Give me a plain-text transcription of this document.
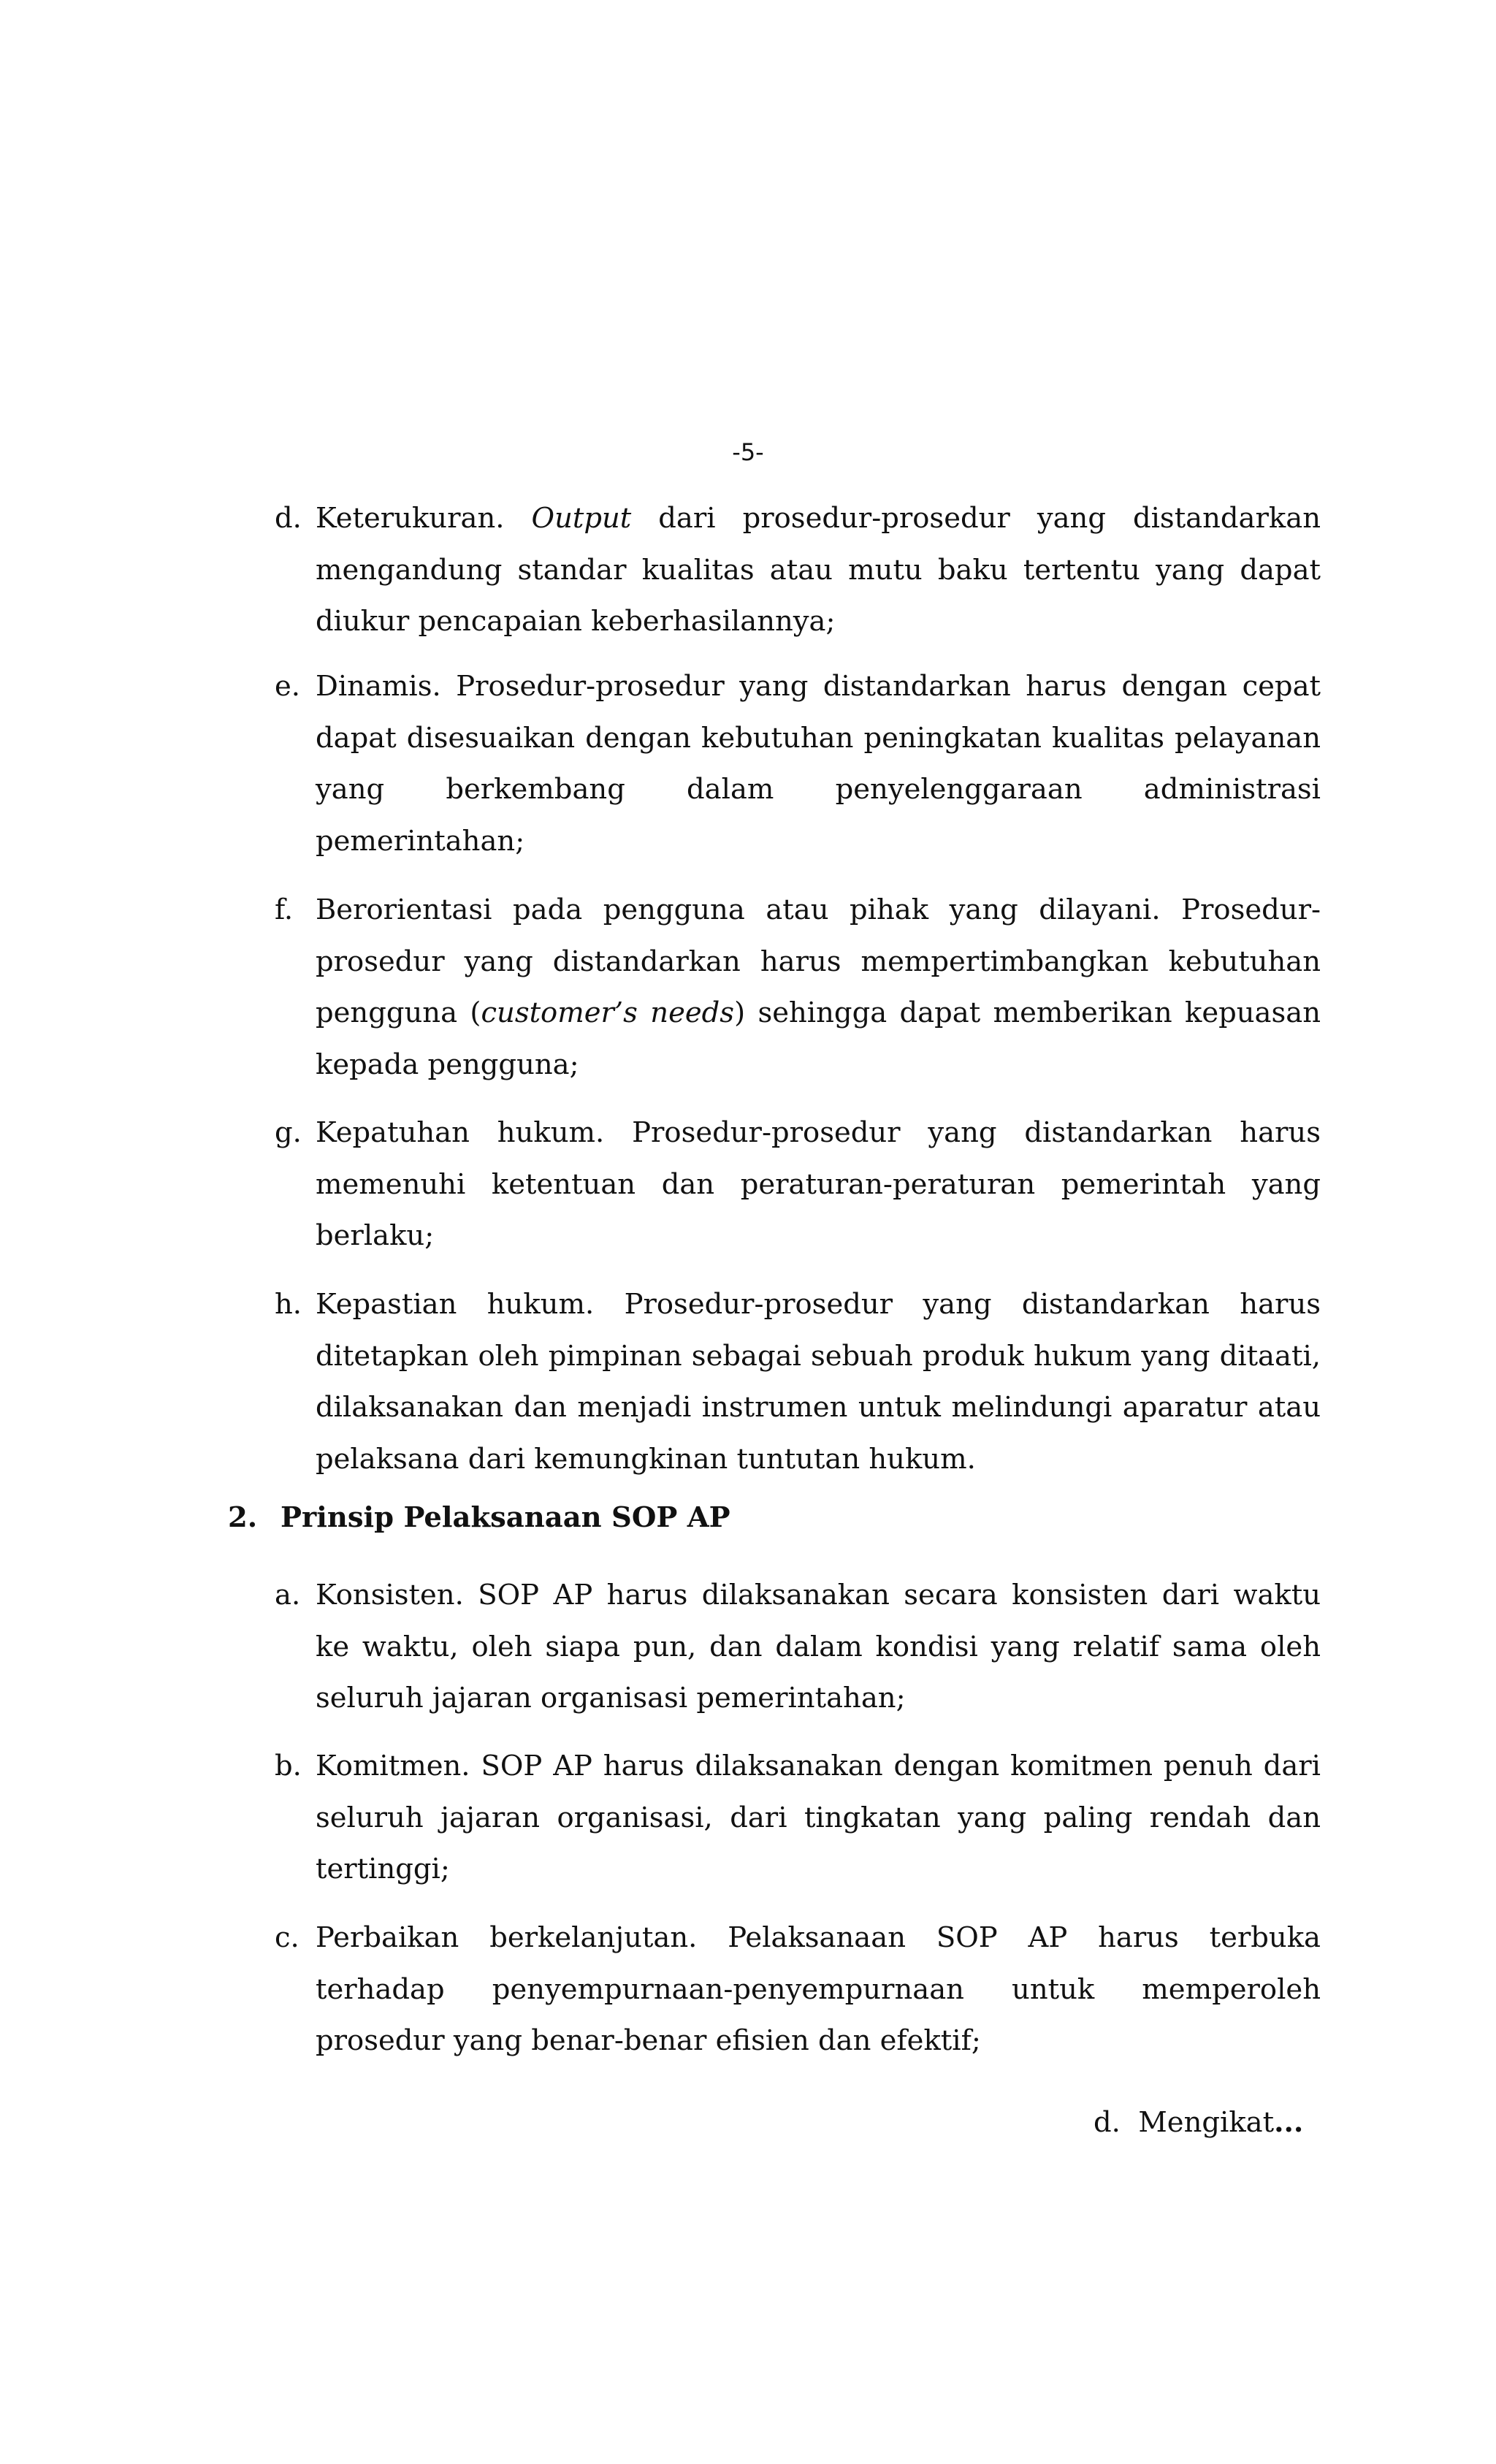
-5-
d. Keterukuran. Output dari prosedur-prosedur yang distandarkan mengandung standar kualitas atau mutu baku tertentu yang dapat diukur pencapaian keberhasilannya;
e. Dinamis. Prosedur-prosedur yang distandarkan harus dengan cepat dapat disesuaikan dengan kebutuhan peningkatan kualitas pelayanan yang berkembang dalam penyelenggaraan administrasi pemerintahan;
f. Berorientasi pada pengguna atau pihak yang dilayani. Prosedur-prosedur yang distandarkan harus mempertimbangkan kebutuhan pengguna (customer’s needs) sehingga dapat memberikan kepuasan kepada pengguna;
g. Kepatuhan hukum. Prosedur-prosedur yang distandarkan harus memenuhi ketentuan dan peraturan-peraturan pemerintah yang berlaku;
h. Kepastian hukum. Prosedur-prosedur yang distandarkan harus ditetapkan oleh pimpinan sebagai sebuah produk hukum yang ditaati, dilaksanakan dan menjadi instrumen untuk melindungi aparatur atau pelaksana dari kemungkinan tuntutan hukum.
2. Prinsip Pelaksanaan SOP AP
a. Konsisten. SOP AP harus dilaksanakan secara konsisten dari waktu ke waktu, oleh siapa pun, dan dalam kondisi yang relatif sama oleh seluruh jajaran organisasi pemerintahan;
b. Komitmen. SOP AP harus dilaksanakan dengan komitmen penuh dari seluruh jajaran organisasi, dari tingkatan yang paling rendah dan tertinggi;
c. Perbaikan berkelanjutan. Pelaksanaan SOP AP harus terbuka terhadap penyempurnaan-penyempurnaan untuk memperoleh prosedur yang benar-benar efisien dan efektif;
d. Mengikat...
